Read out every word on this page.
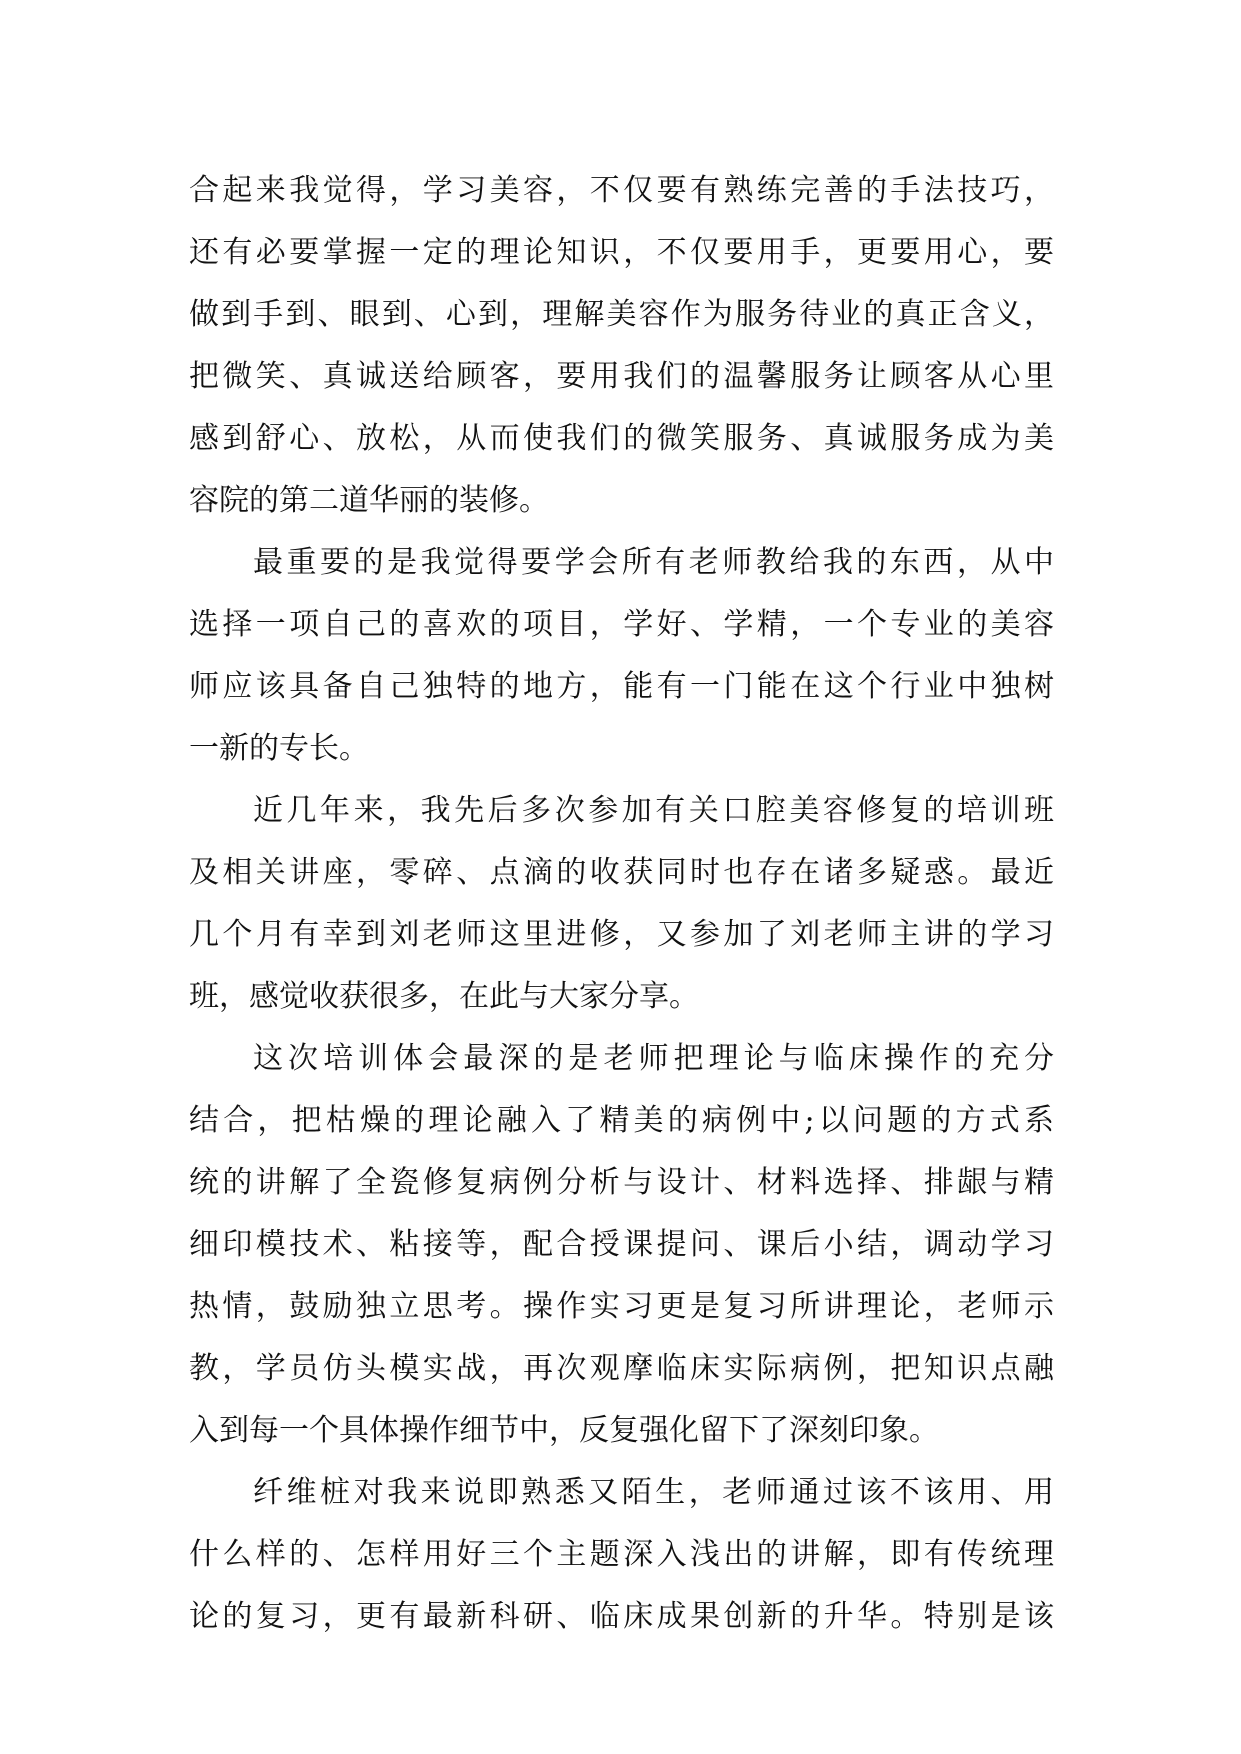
合起来我觉得，学习美容，不仅要有熟练完善的手法技巧，
还有必要掌握一定的理论知识，不仅要用手，更要用心，要
做到手到、眼到、心到，理解美容作为服务待业的真正含义，
把微笑、真诚送给顾客，要用我们的温馨服务让顾客从心里
感到舒心、放松，从而使我们的微笑服务、真诚服务成为美
容院的第二道华丽的装修。
最重要的是我觉得要学会所有老师教给我的东西，从中
选择一项自己的喜欢的项目，学好、学精，一个专业的美容
师应该具备自己独特的地方，能有一门能在这个行业中独树
一新的专长。
近几年来，我先后多次参加有关口腔美容修复的培训班
及相关讲座，零碎、点滴的收获同时也存在诸多疑惑。最近
几个月有幸到刘老师这里进修，又参加了刘老师主讲的学习
班，感觉收获很多，在此与大家分享。
这次培训体会最深的是老师把理论与临床操作的充分
结合，把枯燥的理论融入了精美的病例中;以问题的方式系
统的讲解了全瓷修复病例分析与设计、材料选择、排龈与精
细印模技术、粘接等，配合授课提问、课后小结，调动学习
热情，鼓励独立思考。操作实习更是复习所讲理论，老师示
教，学员仿头模实战，再次观摩临床实际病例，把知识点融
入到每一个具体操作细节中，反复强化留下了深刻印象。
纤维桩对我来说即熟悉又陌生，老师通过该不该用、用
什么样的、怎样用好三个主题深入浅出的讲解，即有传统理
论的复习，更有最新科研、临床成果创新的升华。特别是该
